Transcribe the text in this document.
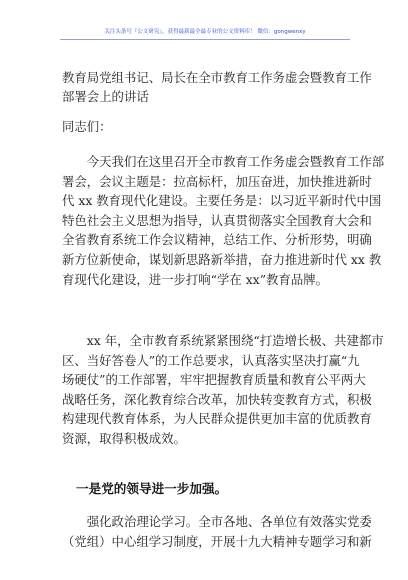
关注头条号『公文研究』，获得最新最全最专业的公文资料库！ 微信：gongwenxy
教育局党组书记、局长在全市教育工作务虚会暨教育工作
部署会上的讲话
同志们：
　　今天我们在这里召开全市教育工作务虚会暨教育工作部
署会，会议主题是：拉高标杆，加压奋进，加快推进新时
代 xx 教育现代化建设。主要任务是：以习近平新时代中国
特色社会主义思想为指导，认真贯彻落实全国教育大会和
全省教育系统工作会议精神，总结工作、分析形势，明确
新方位新使命，谋划新思路新举措，奋力推进新时代 xx 教
育现代化建设，进一步打响“学在 xx”教育品牌。
　　xx 年，全市教育系统紧紧围绕“打造增长极、共建都市
区、当好答卷人”的工作总要求，认真落实坚决打赢“九
场硬仗”的工作部署，牢牢把握教育质量和教育公平两大
战略任务，深化教育综合改革，加快转变教育方式，积极
构建现代教育体系，为人民群众提供更加丰富的优质教育
资源，取得积极成效。
一是党的领导进一步加强。
　　强化政治理论学习。全市各地、各单位有效落实党委
（党组）中心组学习制度，开展十九大精神专题学习和新
